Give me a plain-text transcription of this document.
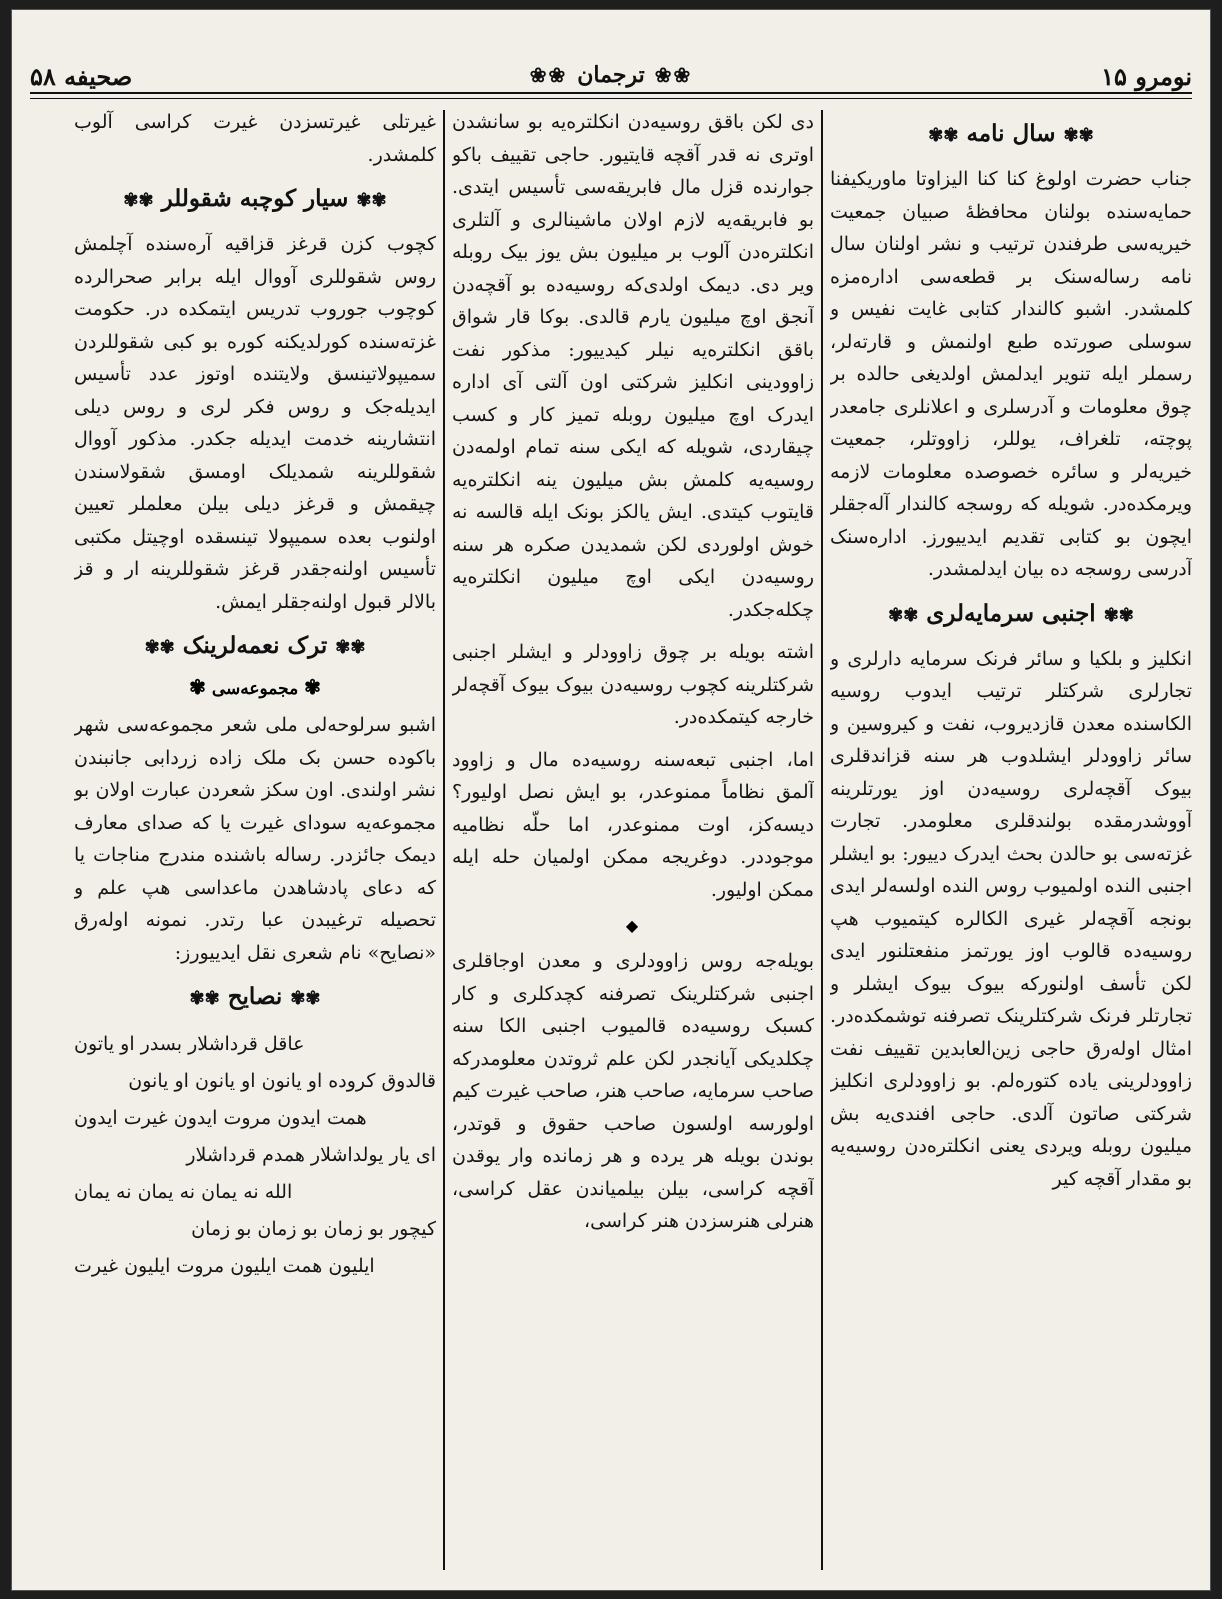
نومرو ۱۵
❀❀
ترجمان
❀❀
صحیفه ۵۸
✾✾ سال نامه ✾✾

جناب حضرت اولوغ کنا کنا الیزاوتا ماوریکیفنا حمایه‌سنده بولنان محافظۀ صبیان جمعیت خیریه‌سی طرفندن ترتیب و نشر اولنان سال نامه رساله‌سنک بر قطعه‌سی اداره‌مزه کلمشدر. اشبو کالندار کتابی غایت نفیس و سوسلی صورتده طبع اولنمش و قارته‌لر، رسملر ایله تنویر ایدلمش اولدیغی حالده بر چوق معلومات و آدرسلری و اعلانلری جامعدر پوچته، تلغراف، یوللر، زاووتلر، جمعیت خیریه‌لر و سائره خصوصده معلومات لازمه ویرمکده‌در. شویله که روسجه کالندار آله‌جقلر ایچون بو کتابی تقدیم ایدییورز. اداره‌سنک آدرسی روسجه ده بیان ایدلمشدر.

✾✾ اجنبی سرمایه‌لری ✾✾

انکلیز و بلکیا و سائر فرنک سرمایه دارلری و تجارلری شرکتلر ترتیب ایدوب روسیه الکاسنده معدن قازدیروب، نفت و کیروسین و سائر زاوودلر ایشلدوب هر سنه قزاندقلری بیوک آقچه‌لری روسیه‌دن اوز یورتلرینه آووشدرمقده بولندقلری معلومدر. تجارت غزته‌سی بو حالدن بحث ایدرک دییور: بو ایشلر اجنبی النده اولمیوب روس النده اولسه‌لر ایدی بونجه آقچه‌لر غیری الکالره کیتمیوب هپ روسیه‌ده قالوب اوز یورتمز منفعتلنور ایدی لکن تأسف اولنورکه بیوک بیوک ایشلر و تجارتلر فرنک شرکتلرینک تصرفنه توشمکده‌در. امثال اولەرق حاجی زین‌العابدین تقییف نفت زاوودلرینی یاده کتورەلم. بو زاوودلری انکلیز شرکتی صاتون آلدی. حاجی افندی‌یه بش میلیون روبله ویردی یعنی انکلترەدن روسیه‌یه بو مقدار آقچه کیر

دی لکن باقق روسیه‌دن انکلترەیه بو سانشدن اوتری نه قدر آقچه قایتیور. حاجی تقییف باکو جوارنده قزل مال فابریقه‌سی تأسیس ایتدی. بو فابریقه‌یه لازم اولان ماشینالری و آلتلری انکلترەدن آلوب بر میلیون بش یوز بیک روبله ویر دی. دیمک اولدی‌که روسیه‌ده بو آقچه‌دن آنجق اوچ میلیون یارم قالدی. بوکا قار شواق باقق انکلترەیه نیلر کیدییور: مذکور نفت زاوودینی انکلیز شرکتی اون آلتی آی اداره ایدرک اوچ میلیون روبله تمیز کار و کسب چیقاردی، شویله که ایکی سنه تمام اولمەدن روسیه‌یه کلمش بش میلیون ینه انکلترەیه قایتوب کیتدی. ایش یالکز بونک ایله قالسه نه خوش اولوردی لکن شمدیدن صکره هر سنه روسیه‌دن ایکی اوچ میلیون انکلترەیه چکله‌جکدر.

اشته بویله بر چوق زاوودلر و ایشلر اجنبی شرکتلرینه کچوب روسیه‌دن بیوک بیوک آقچه‌لر خارجه کیتمکده‌در.

اما، اجنبی تبعه‌سنه روسیه‌ده مال و زاوود آلمق نظاماً ممنوعدر، بو ایش نصل اولیور؟ دیسه‌کز، اوت ممنوعدر، اما حلّه نظامیه موجوددر. دوغریجه ممکن اولمیان حله ایله ممکن اولیور.

◆

بویله‌جه روس زاوودلری و معدن اوجاقلری اجنبی شرکتلرینک تصرفنه کچدکلری و کار کسبک روسیه‌ده قالمیوب اجنبی الکا سنه چکلدیکی آیانجدر لکن علم ثروتدن معلومدرکه صاحب سرمایه، صاحب هنر، صاحب غیرت کیم اولورسه اولسون صاحب حقوق و قوتدر، بوندن بویله هر یرده و هر زمانده وار یوقدن آقچه کراسی، بیلن بیلمیاندن عقل کراسی، هنرلی هنرسزدن هنر کراسی،

غیرتلی غیرتسزدن غیرت کراسی آلوب کلمشدر.

✾✾ سیار کوچبه شقوللر ✾✾

کچوب کزن قرغز قزاقیه آره‌سنده آچلمش روس شقوللری آووال ایله برابر صحرالرده کوچوب جوروب تدریس ایتمکده در. حکومت غزته‌سنده کورلدیکنه کوره بو کبی شقوللردن سمیپولاتینسق ولایتنده اوتوز عدد تأسیس ایدیله‌جک و روس فکر لری و روس دیلی انتشارینه خدمت ایدیله جکدر. مذکور آووال شقوللرینه شمدیلک اومسق شقولاسندن چیقمش و قرغز دیلی بیلن معلملر تعیین اولنوب بعده سمیپولا تینسقده اوچیتل مکتبی تأسیس اولنه‌جقدر قرغز شقوللرینه ار و قز بالالر قبول اولنه‌جقلر ایمش.

✾✾ ترک نعمه‌لرینک ✾✾
✾ مجموعه‌سی ✾

اشبو سرلوحه‌لی ملی شعر مجموعه‌سی شهر باکوده حسن بک ملک زاده زردابی جانبندن نشر اولندی. اون سکز شعردن عبارت اولان بو مجموعه‌یه سودای غیرت یا که صدای معارف دیمک جائزدر. رساله باشنده مندرج مناجات یا که دعای پادشاهدن ماعداسی هپ علم و تحصیله ترغیبدن عبا رتدر. نمونه اولەرق «نصایح» نام شعری نقل ایدییورز:

✾✾ نصایح ✾✾
عاقل قرداشلار بسدر او یاتون
قالدوق کروده او یانون او یانون او یانون
همت ایدون مروت ایدون غیرت ایدون
ای یار یولداشلار همدم قرداشلار
الله نه یمان نه یمان نه یمان
کیچور بو زمان بو زمان بو زمان
ایلیون همت ایلیون مروت ایلیون غیرت
